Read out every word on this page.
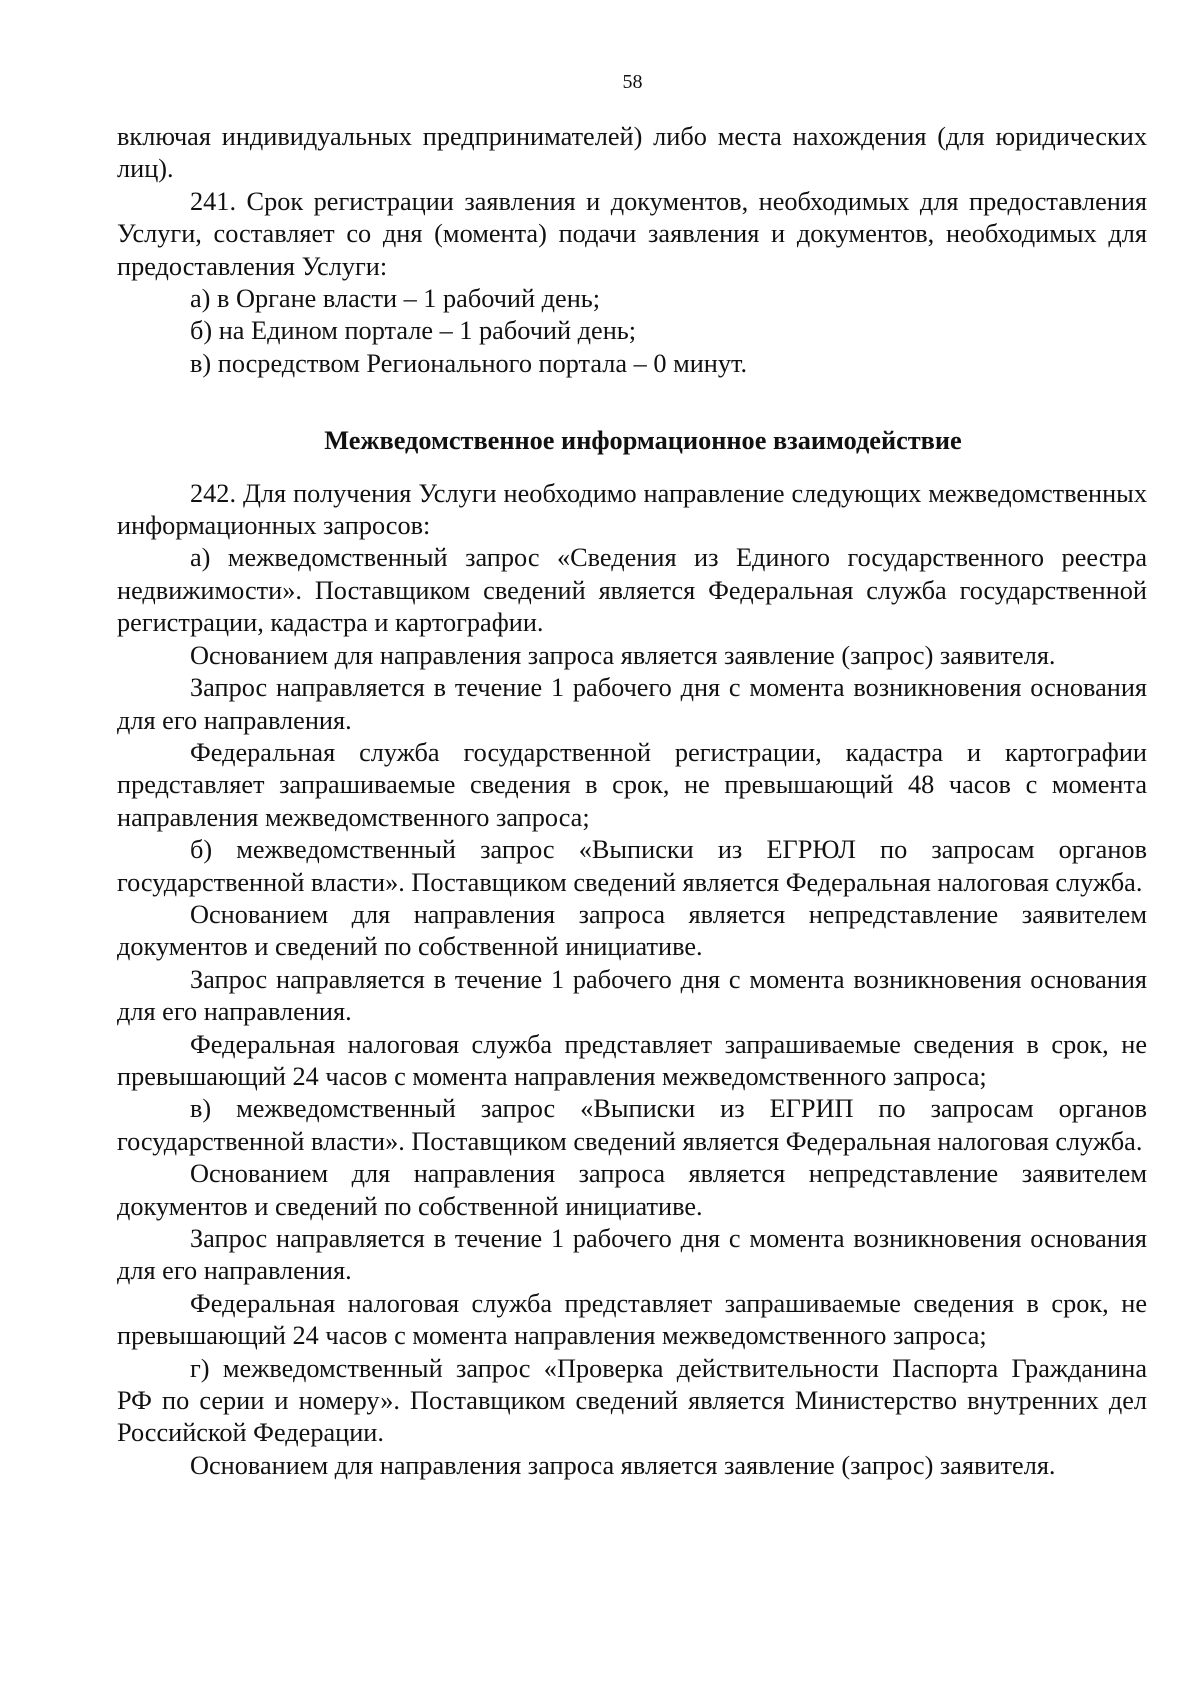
58

включая индивидуальных предпринимателей) либо места нахождения (для юридических лиц).

241. Срок регистрации заявления и документов, необходимых для предоставления Услуги, составляет со дня (момента) подачи заявления и документов, необходимых для предоставления Услуги:

а) в Органе власти – 1 рабочий день;

б) на Едином портале – 1 рабочий день;

в) посредством Регионального портала – 0 минут.

Межведомственное информационное взаимодействие

242. Для получения Услуги необходимо направление следующих межведомственных информационных запросов:

а) межведомственный запрос «Сведения из Единого государственного реестра недвижимости». Поставщиком сведений является Федеральная служба государственной регистрации, кадастра и картографии.

Основанием для направления запроса является заявление (запрос) заявителя.

Запрос направляется в течение 1 рабочего дня с момента возникновения основания для его направления.

Федеральная служба государственной регистрации, кадастра и картографии представляет запрашиваемые сведения в срок, не превышающий 48 часов с момента направления межведомственного запроса;

б) межведомственный запрос «Выписки из ЕГРЮЛ по запросам органов государственной власти». Поставщиком сведений является Федеральная налоговая служба.

Основанием для направления запроса является непредставление заявителем документов и сведений по собственной инициативе.

Запрос направляется в течение 1 рабочего дня с момента возникновения основания для его направления.

Федеральная налоговая служба представляет запрашиваемые сведения в срок, не превышающий 24 часов с момента направления межведомственного запроса;

в) межведомственный запрос «Выписки из ЕГРИП по запросам органов государственной власти». Поставщиком сведений является Федеральная налоговая служба.

Основанием для направления запроса является непредставление заявителем документов и сведений по собственной инициативе.

Запрос направляется в течение 1 рабочего дня с момента возникновения основания для его направления.

Федеральная налоговая служба представляет запрашиваемые сведения в срок, не превышающий 24 часов с момента направления межведомственного запроса;

г) межведомственный запрос «Проверка действительности Паспорта Гражданина РФ по серии и номеру». Поставщиком сведений является Министерство внутренних дел Российской Федерации.

Основанием для направления запроса является заявление (запрос) заявителя.
